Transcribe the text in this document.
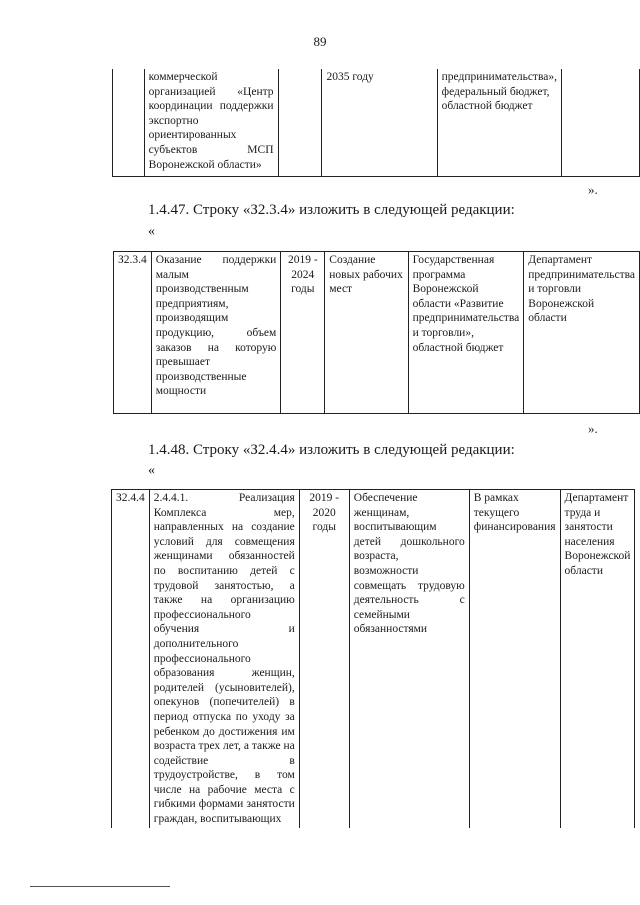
89
	коммерческой организацией «Центр координации поддержки экспортно ориентированных субъектов МСП Воронежской области»		2035 году	предпринимательства», федеральный бюджет, областной бюджет	
».
1.4.47. Строку «З2.3.4» изложить в следующей редакции:
«
З2.3.4	Оказание поддержки малым производственным предприятиям, производящим продукцию, объем заказов на которую превышает производственные мощности	2019 - 2024 годы	Создание новых рабочих мест	Государственная программа Воронежской области «Развитие предпринимательства и торговли», областной бюджет	Департамент предпринимательства и торговли Воронежской области
».
1.4.48. Строку «З2.4.4» изложить в следующей редакции:
«
З2.4.4	2.4.4.1. Реализация Комплекса мер, направленных на создание условий для совмещения женщинами обязанностей по воспитанию детей с трудовой занятостью, а также на организацию профессионального обучения и дополнительного профессионального образования женщин, родителей (усыновителей), опекунов (попечителей) в период отпуска по уходу за ребенком до достижения им возраста трех лет, а также на содействие в трудоустройстве, в том числе на рабочие места с гибкими формами занятости граждан, воспитывающих	2019 - 2020 годы	Обеспечение женщинам, воспитывающим детей дошкольного возраста, возможности совмещать трудовую деятельность с семейными обязанностями	В рамках текущего финансирования	Департамент труда и занятости населения Воронежской области
